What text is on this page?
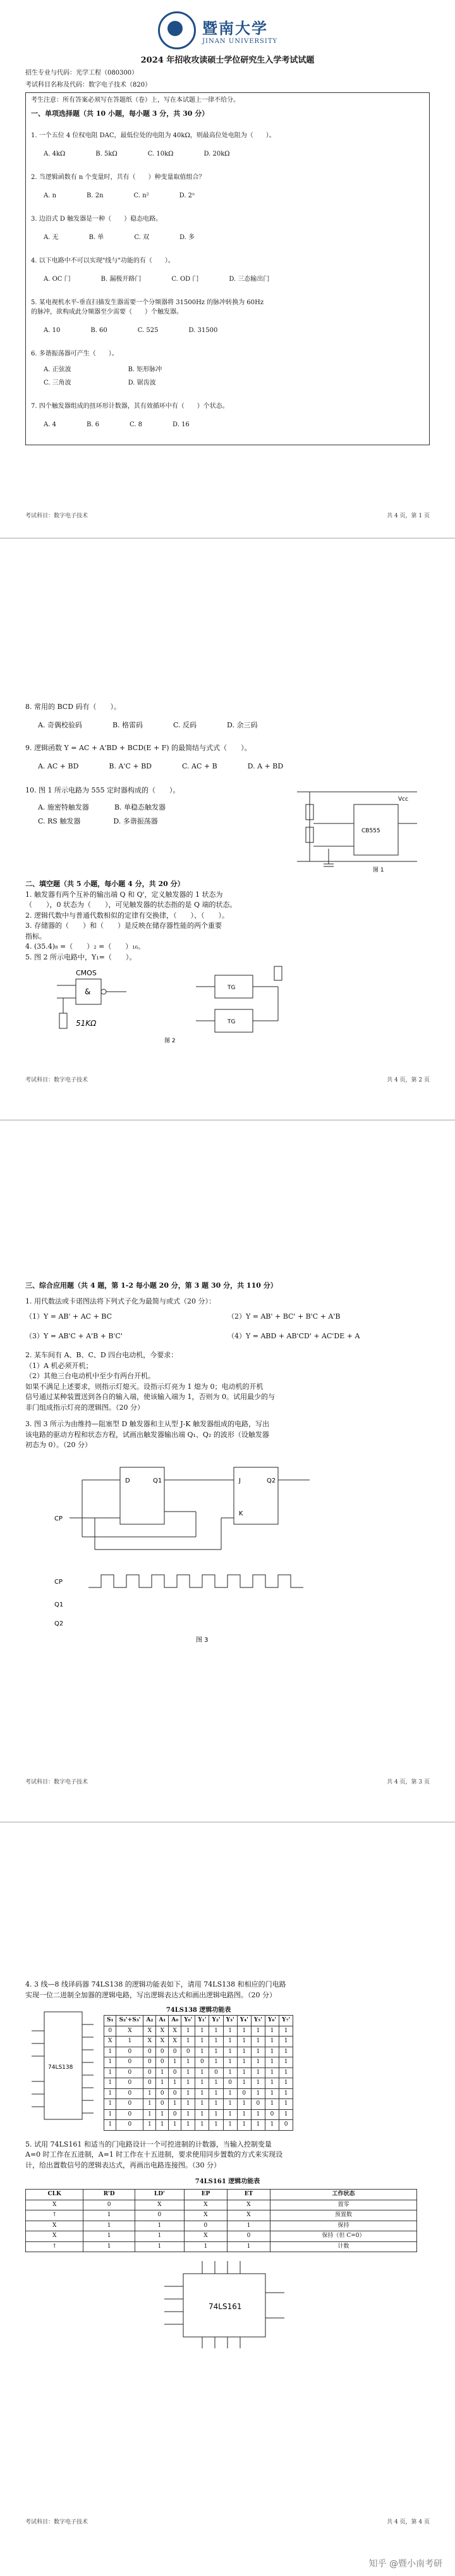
暨南大学
JINAN UNIVERSITY
2024 年招收攻读硕士学位研究生入学考试试题
招生专业与代码：光学工程（080300）
考试科目名称及代码：数字电子技术（820）
考生注意：所有答案必须写在答题纸（卷）上，写在本试题上一律不给分。
一、单项选择题（共 10 小题，每小题 3 分，共 30 分）
1. 一个五位 4 位权电阻 DAC，最低位处的电阻为 40kΩ，则最高位处电阻为（　　）。
A. 4kΩ	B. 5kΩ	C. 10kΩ	D. 20kΩ
2. 当逻辑函数有 n 个变量时，共有（　　）种变量取值组合？
A. n	B. 2n	C. n²	D. 2ⁿ
3. 边沿式 D 触发器是一种（　　）稳态电路。
A. 无	B. 单	C. 双	D. 多
4. 以下电路中不可以实现"线与"功能的有（　　）。
A. OC 门	B. 漏极开路门	C. OD 门	D. 三态输出门
5. 某电视机水平-垂直扫描发生器需要一个分频器将 31500Hz 的脉冲转换为 60Hz
的脉冲，欲构成此分频器至少需要（　　）个触发器。
A. 10	B. 60	C. 525	D. 31500
6. 多谐振荡器可产生（　　）。
A. 正弦波	B. 矩形脉冲
C. 三角波	D. 锯齿波
7. 四个触发器组成的扭环形计数器，其有效循环中有（　　）个状态。
A. 4	B. 6	C. 8	D. 16
考试科目：数字电子技术	共 4 页，第 1 页
8. 常用的 BCD 码有（　　）。
A. 奇偶校验码	B. 格雷码	C. 反码	D. 余三码
9. 逻辑函数 Y = AC + A'BD + BCD(E + F) 的最简结与式式（　　）。
A. AC + BD	B. A'C + BD	C. AC + B	D. A + BD
10. 图 1 所示电路为 555 定时器构成的（　　）。
A. 施密特触发器	B. 单稳态触发器
C. RS 触发器	D. 多谐振荡器
CB555
Vcc
图 1
二、填空题（共 5 小题，每小题 4 分，共 20 分）
1. 触发器有两个互补的输出端 Q 和 Q'，定义触发器的 1 状态为
（　　），0 状态为（　　），可见触发器的状态指的是 Q 端的状态。
2. 逻辑代数中与普通代数相似的定律有交换律，（　　）、（　　）。
3. 存储器的（　　）和（　　）是反映在储存器性能的两个重要
指标。
4. (35.4)₈ =（　　）₂ =（　　）₁₆。
5. 图 2 所示电路中，Y₁=（　　）。
CMOS
&
51KΩ
TG
TG
图 2
考试科目：数字电子技术	共 4 页，第 2 页
三、综合应用题（共 4 题，第 1-2 每小题 20 分，第 3 题 30 分，共 110 分）
1. 用代数法或卡诺图法将下列式子化为最简与或式（20 分）：
（1）Y = AB' + AC + BC	（2）Y = AB' + BC' + B'C + A'B
（3）Y = AB'C + A'B + B'C'	（4）Y = ABD + AB'CD' + AC'DE + A
2. 某车间有 A、B、C、D 四台电动机，今要求：
（1）A 机必须开机；
（2）其他三台电动机中至少有两台开机。
如果不满足上述要求，则指示灯熄灭。设指示灯亮为 1 熄为 0；电动机的开机
信号通过某种装置送到各自的输入端，使该输入端为 1，否则为 0。试用最少的与
非门组成指示灯亮的逻辑图。（20 分）
3. 图 3 所示为由维持—阻塞型 D 触发器和主从型 J-K 触发器组成的电路，写出
该电路的驱动方程和状态方程，试画出触发器输出端 Q₁、Q₂ 的波形（设触发器
初态为 0）。（20 分）
D	Q1	J
K
Q2
CP
CP
Q1
Q2
图 3
考试科目：数字电子技术	共 4 页，第 3 页
4. 3 线—8 线译码器 74LS138 的逻辑功能表如下，请用 74LS138 和相应的门电路
实现一位二进制全加器的逻辑电路，写出逻辑表达式和画出逻辑电路图。（20 分）
74LS138
74LS138 逻辑功能表
S₁	S₂'+S₃'	A₂	A₁	A₀	Y₀'	Y₁'	Y₂'	Y₃'	Y₄'	Y₅'	Y₆'	Y₇'
0	X	X	X	X	1	1	1	1	1	1	1	1
X	1	X	X	X	1	1	1	1	1	1	1	1
1	0	0	0	0	0	1	1	1	1	1	1	1
1	0	0	0	1	1	0	1	1	1	1	1	1
1	0	0	1	0	1	1	0	1	1	1	1	1
1	0	0	1	1	1	1	1	0	1	1	1	1
1	0	1	0	0	1	1	1	1	0	1	1	1
1	0	1	0	1	1	1	1	1	1	0	1	1
1	0	1	1	0	1	1	1	1	1	1	0	1
1	0	1	1	1	1	1	1	1	1	1	1	0
5. 试用 74LS161 和适当的门电路设计一个可控进制的计数器，当输入控制变量
A=0 时工作在五进制，A=1 时工作在十五进制，要求使用同步置数的方式来实现设
计，给出置数信号的逻辑表达式，再画出电路连接图。（30 分）
74LS161 逻辑功能表
CLK	R'D	LD'	EP	ET	工作状态
X	0	X	X	X	置零
↑	1	0	X	X	预置数
X	1	1	0	1	保持
X	1	1	X	0	保持（但 C=0）
↑	1	1	1	1	计数
74LS161
考试科目：数字电子技术	共 4 页，第 4 页
知乎 @暨小南考研
